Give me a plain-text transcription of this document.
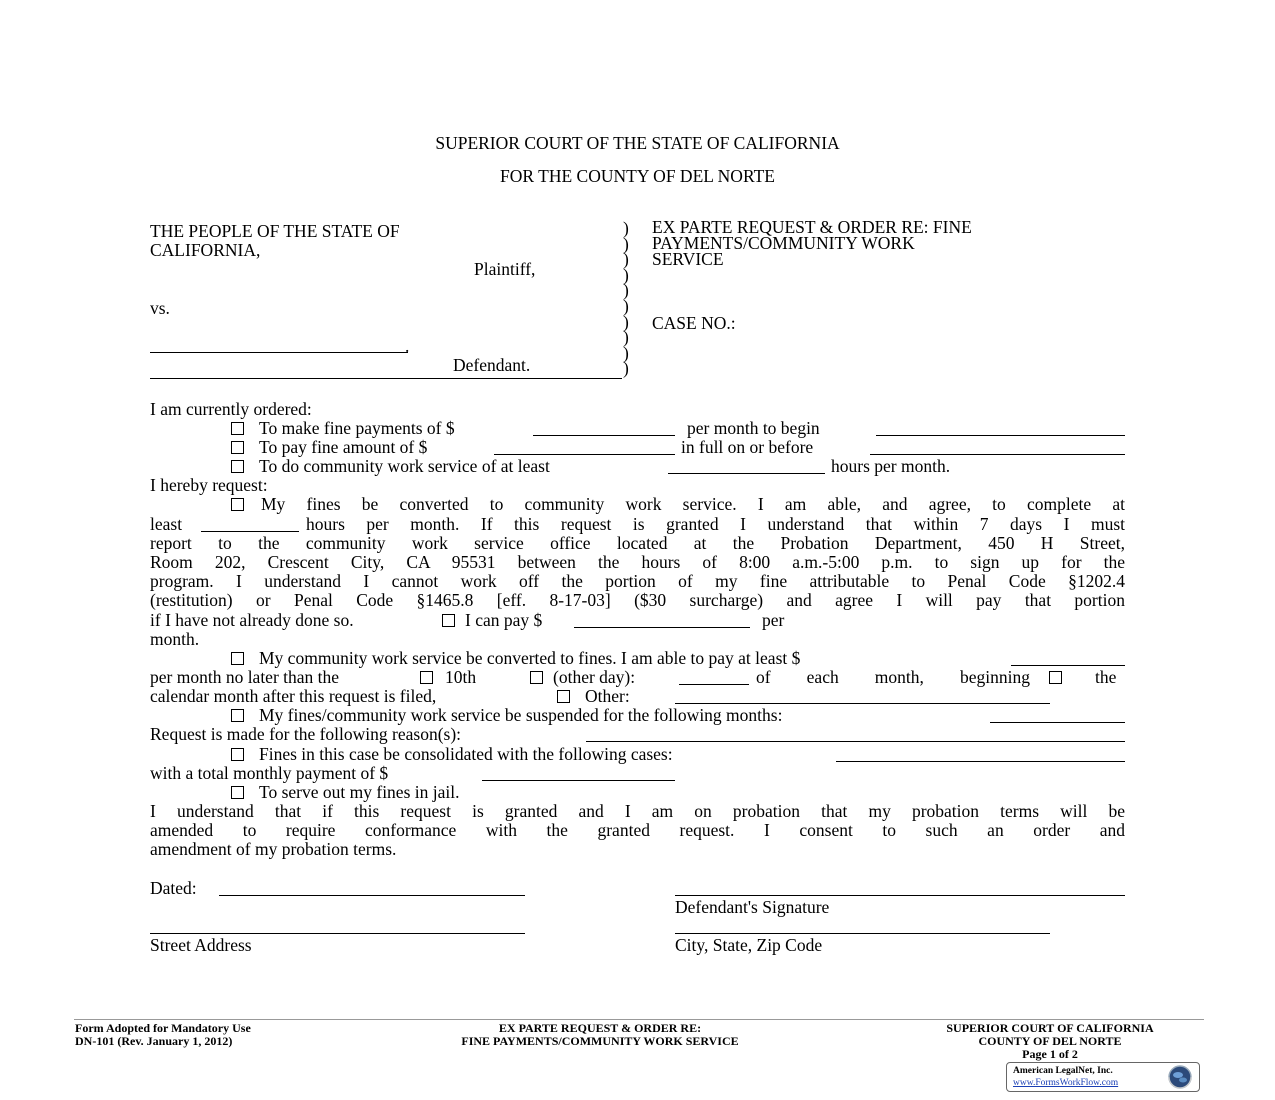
SUPERIOR COURT OF THE STATE OF CALIFORNIA
FOR THE COUNTY OF DEL NORTE
THE PEOPLE OF THE STATE OF
CALIFORNIA,
Plaintiff,
vs.
.
Defendant.
)
)
)
)
)
)
)
)
)
)
EX PARTE REQUEST & ORDER RE: FINE
PAYMENTS/COMMUNITY WORK
SERVICE
CASE NO.:
I am currently ordered:
To make fine payments of $	per month to begin
To pay fine amount of $	in full on or before
To do community work service of at least	hours per month.
I hereby request:
My fines be converted to community work service. I am able, and agree, to complete at
least	hours per month. If this request is granted I understand that within 7 days I must
report to the community work service office located at the Probation Department, 450 H Street,
Room 202, Crescent City, CA 95531 between the hours of 8:00 a.m.-5:00 p.m. to sign up for the
program. I understand I cannot work off the portion of my fine attributable to Penal Code §1202.4
(restitution) or Penal Code §1465.8 [eff. 8-17-03] ($30 surcharge) and agree I will pay that portion
if I have not already done so.	I can pay $	per
month.
My community work service be converted to fines. I am able to pay at least $
per month no later than the	10th	(other day):	of each month, beginning	the
calendar month after this request is filed,	Other:
My fines/community work service be suspended for the following months:
Request is made for the following reason(s):
Fines in this case be consolidated with the following cases:
with a total monthly payment of $
To serve out my fines in jail.
I understand that if this request is granted and I am on probation that my probation terms will be
amended to require conformance with the granted request. I consent to such an order and
amendment of my probation terms.
Dated:
Defendant's Signature
Street Address	City, State, Zip Code
Form Adopted for Mandatory Use
DN-101 (Rev. January 1, 2012)
EX PARTE REQUEST & ORDER RE:
FINE PAYMENTS/COMMUNITY WORK SERVICE
SUPERIOR COURT OF CALIFORNIA
COUNTY OF DEL NORTE
Page 1 of 2
American LegalNet, Inc.
www.FormsWorkFlow.com
